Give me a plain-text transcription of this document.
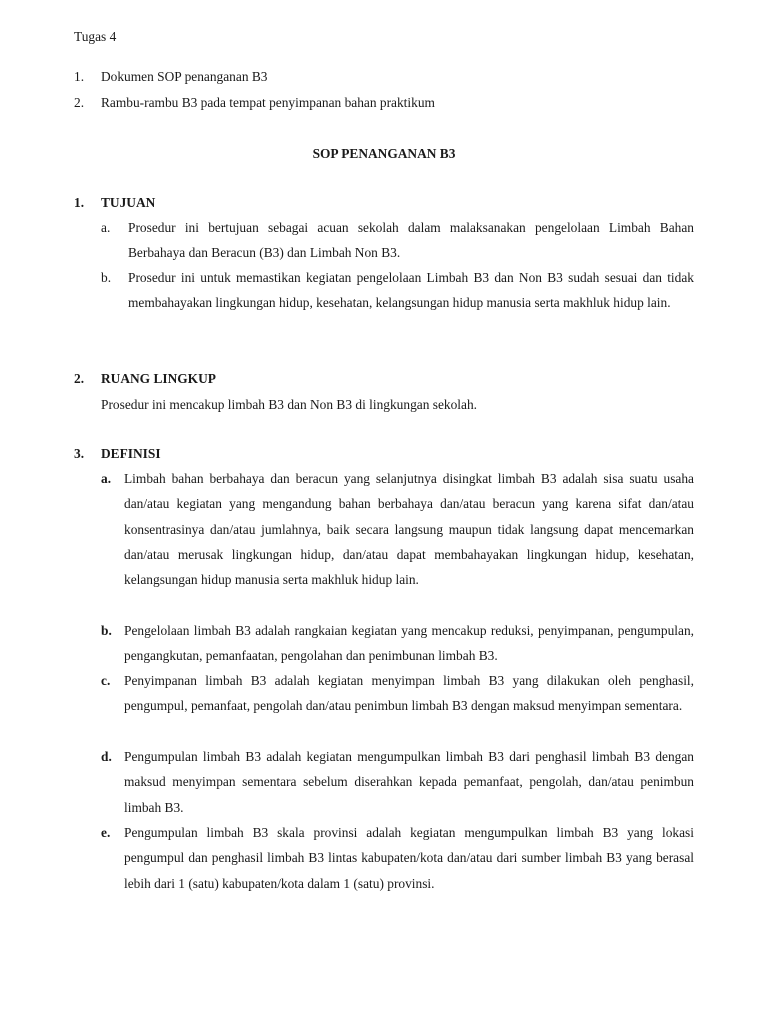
Tugas 4
1. Dokumen SOP penanganan B3
2. Rambu-rambu B3 pada tempat penyimpanan bahan praktikum
SOP PENANGANAN B3
1. TUJUAN
a. Prosedur ini bertujuan sebagai acuan sekolah dalam malaksanakan pengelolaan Limbah Bahan Berbahaya dan Beracun (B3) dan Limbah Non B3.
b. Prosedur ini untuk memastikan kegiatan pengelolaan Limbah B3 dan Non B3 sudah sesuai dan tidak membahayakan lingkungan hidup, kesehatan, kelangsungan hidup manusia serta makhluk hidup lain.
2. RUANG LINGKUP
Prosedur ini mencakup limbah B3 dan Non B3 di lingkungan sekolah.
3. DEFINISI
a. Limbah bahan berbahaya dan beracun yang selanjutnya disingkat limbah B3 adalah sisa suatu usaha dan/atau kegiatan yang mengandung bahan berbahaya dan/atau beracun yang karena sifat dan/atau konsentrasinya dan/atau jumlahnya, baik secara langsung maupun tidak langsung dapat mencemarkan dan/atau merusak lingkungan hidup, dan/atau dapat membahayakan lingkungan hidup, kesehatan, kelangsungan hidup manusia serta makhluk hidup lain.
b. Pengelolaan limbah B3 adalah rangkaian kegiatan yang mencakup reduksi, penyimpanan, pengumpulan, pengangkutan, pemanfaatan, pengolahan dan penimbunan limbah B3.
c. Penyimpanan limbah B3 adalah kegiatan menyimpan limbah B3 yang dilakukan oleh penghasil, pengumpul, pemanfaat, pengolah dan/atau penimbun limbah B3 dengan maksud menyimpan sementara.
d. Pengumpulan limbah B3 adalah kegiatan mengumpulkan limbah B3 dari penghasil limbah B3 dengan maksud menyimpan sementara sebelum diserahkan kepada pemanfaat, pengolah, dan/atau penimbun limbah B3.
e. Pengumpulan limbah B3 skala provinsi adalah kegiatan mengumpulkan limbah B3 yang lokasi pengumpul dan penghasil limbah B3 lintas kabupaten/kota dan/atau dari sumber limbah B3 yang berasal lebih dari 1 (satu) kabupaten/kota dalam 1 (satu) provinsi.
